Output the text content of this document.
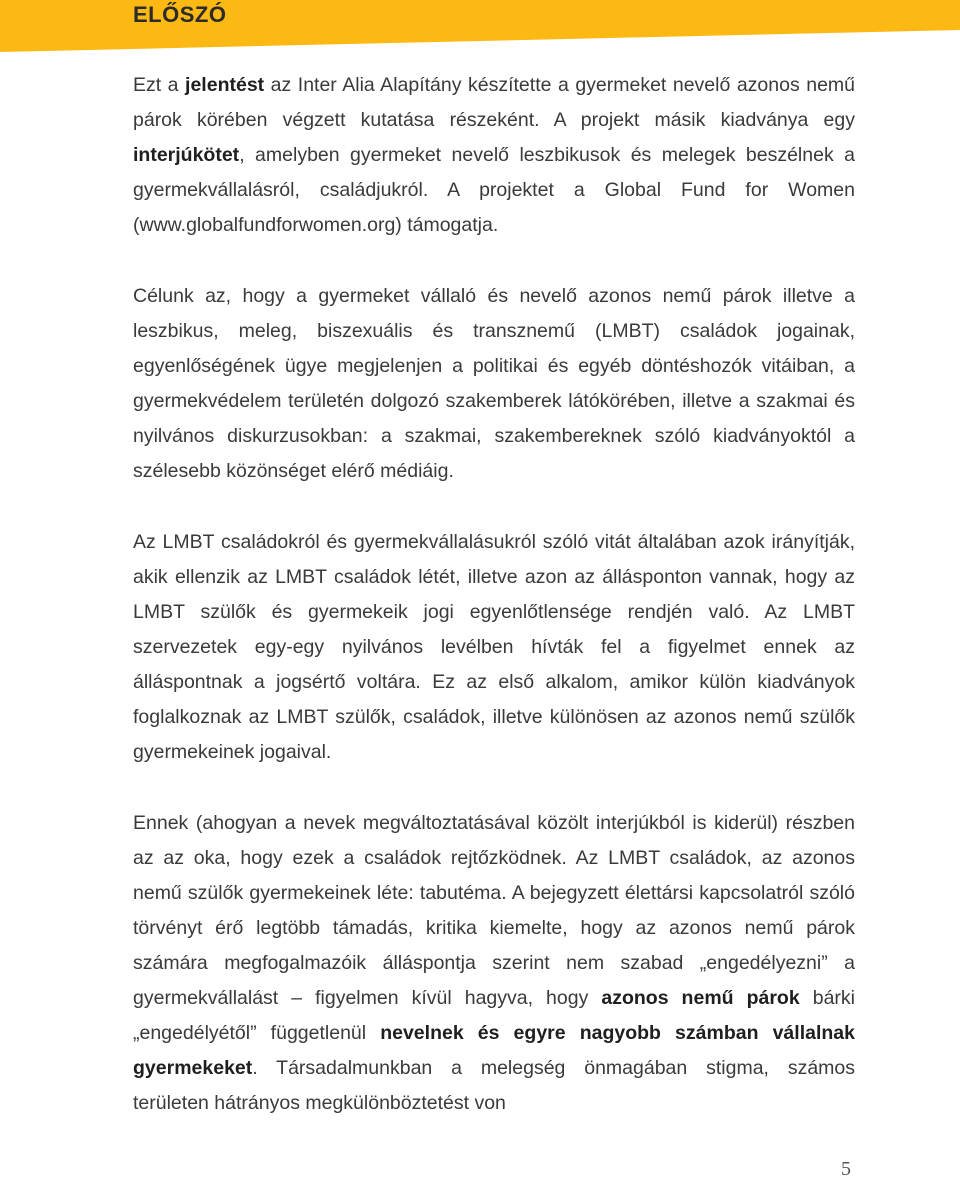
ELŐSZÓ

Ezt a jelentést az Inter Alia Alapítány készítette a gyermeket nevelő azonos nemű párok körében végzett kutatása részeként. A projekt másik kiadványa egy interjúkötet, amelyben gyermeket nevelő leszbikusok és melegek beszélnek a gyermekvállalásról, családjukról. A projektet a Global Fund for Women (www.globalfundforwomen.org) támogatja.

Célunk az, hogy a gyermeket vállaló és nevelő azonos nemű párok illetve a leszbikus, meleg, biszexuális és transznemű (LMBT) családok jogainak, egyenlőségének ügye megjelenjen a politikai és egyéb döntéshozók vitáiban, a gyermekvédelem területén dolgozó szakemberek látókörében, illetve a szakmai és nyilvános diskurzusokban: a szakmai, szakembereknek szóló kiadványoktól a szélesebb közönséget elérő médiáig.

Az LMBT családokról és gyermekvállalásukról szóló vitát általában azok irányítják, akik ellenzik az LMBT családok létét, illetve azon az állásponton vannak, hogy az LMBT szülők és gyermekeik jogi egyenlőtlensége rendjén való. Az LMBT szervezetek egy-egy nyilvános levélben hívták fel a figyelmet ennek az álláspontnak a jogsértő voltára. Ez az első alkalom, amikor külön kiadványok foglalkoznak az LMBT szülők, családok, illetve különösen az azonos nemű szülők gyermekeinek jogaival.

Ennek (ahogyan a nevek megváltoztatásával közölt interjúkból is kiderül) részben az az oka, hogy ezek a családok rejtőzködnek. Az LMBT családok, az azonos nemű szülők gyermekeinek léte: tabutéma. A bejegyzett élettársi kapcsolatról szóló törvényt érő legtöbb támadás, kritika kiemelte, hogy az azonos nemű párok számára megfogalmazóik álláspontja szerint nem szabad „engedélyezni” a gyermekvállalást – figyelmen kívül hagyva, hogy azonos nemű párok bárki „engedélyétől” függetlenül nevelnek és egyre nagyobb számban vállalnak gyermekeket. Társadalmunkban a melegség önmagában stigma, számos területen hátrányos megkülönböztetést von

5
